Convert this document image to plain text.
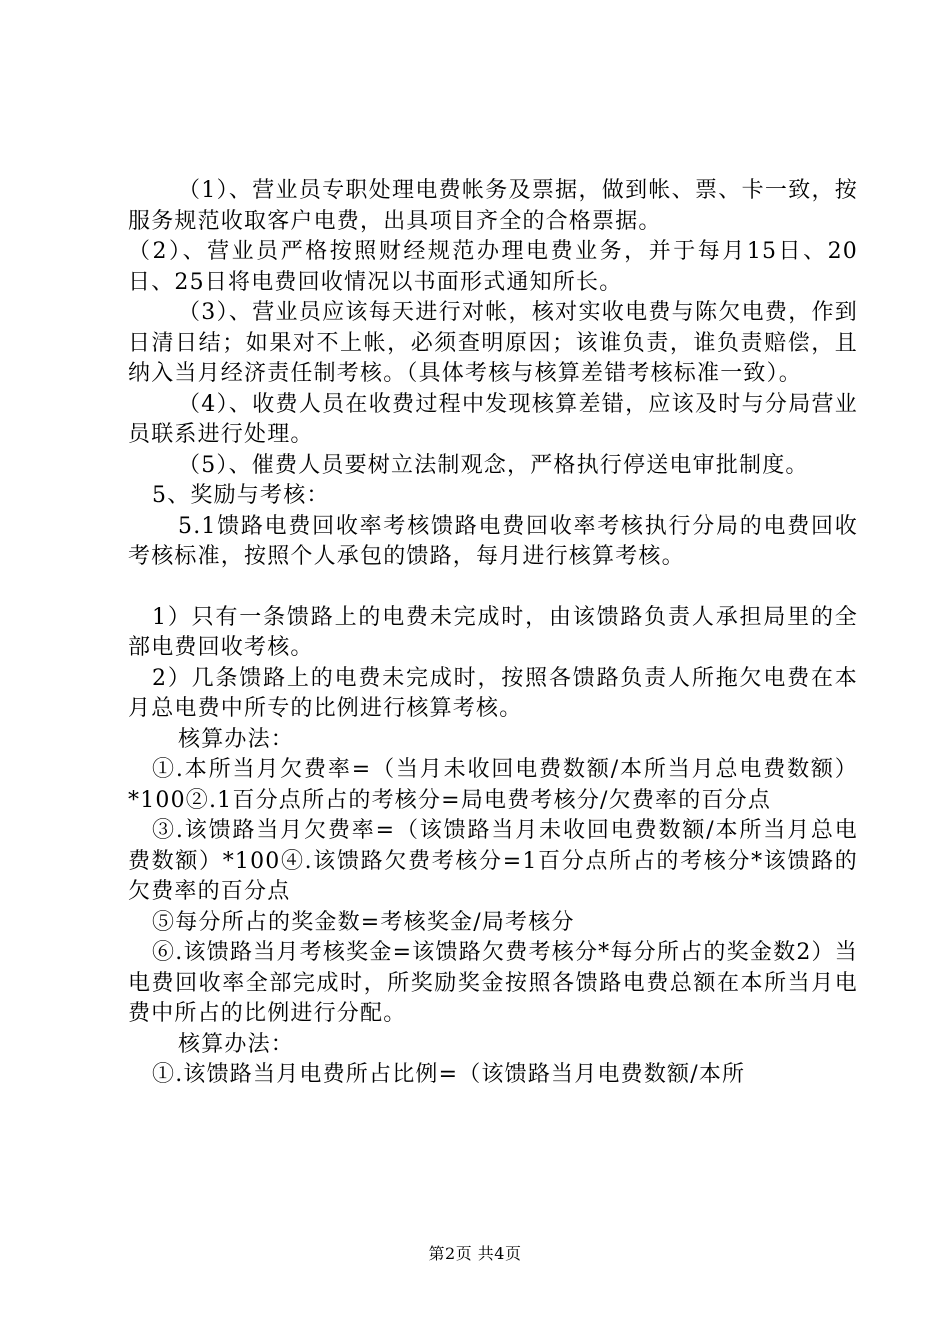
（1）、营业员专职处理电费帐务及票据，做到帐、票、卡一致，按服务规范收取客户电费，出具项目齐全的合格票据。

（2）、营业员严格按照财经规范办理电费业务，并于每月15日、20日、25日将电费回收情况以书面形式通知所长。

（3）、营业员应该每天进行对帐，核对实收电费与陈欠电费，作到日清日结；如果对不上帐，必须查明原因；该谁负责，谁负责赔偿，且纳入当月经济责任制考核。（具体考核与核算差错考核标准一致）。

（4）、收费人员在收费过程中发现核算差错，应该及时与分局营业员联系进行处理。

（5）、催费人员要树立法制观念，严格执行停送电审批制度。

5、奖励与考核：

5.1馈路电费回收率考核馈路电费回收率考核执行分局的电费回收考核标准，按照个人承包的馈路，每月进行核算考核。

1）只有一条馈路上的电费未完成时，由该馈路负责人承担局里的全部电费回收考核。

2）几条馈路上的电费未完成时，按照各馈路负责人所拖欠电费在本月总电费中所专的比例进行核算考核。

核算办法：

①.本所当月欠费率=（当月未收回电费数额/本所当月总电费数额）*100②.1百分点所占的考核分=局电费考核分/欠费率的百分点

③.该馈路当月欠费率=（该馈路当月未收回电费数额/本所当月总电费数额）*100④.该馈路欠费考核分=1百分点所占的考核分*该馈路的欠费率的百分点

⑤每分所占的奖金数=考核奖金/局考核分

⑥.该馈路当月考核奖金=该馈路欠费考核分*每分所占的奖金数2）当电费回收率全部完成时，所奖励奖金按照各馈路电费总额在本所当月电费中所占的比例进行分配。

核算办法：

①.该馈路当月电费所占比例=（该馈路当月电费数额/本所

第2页 共4页
